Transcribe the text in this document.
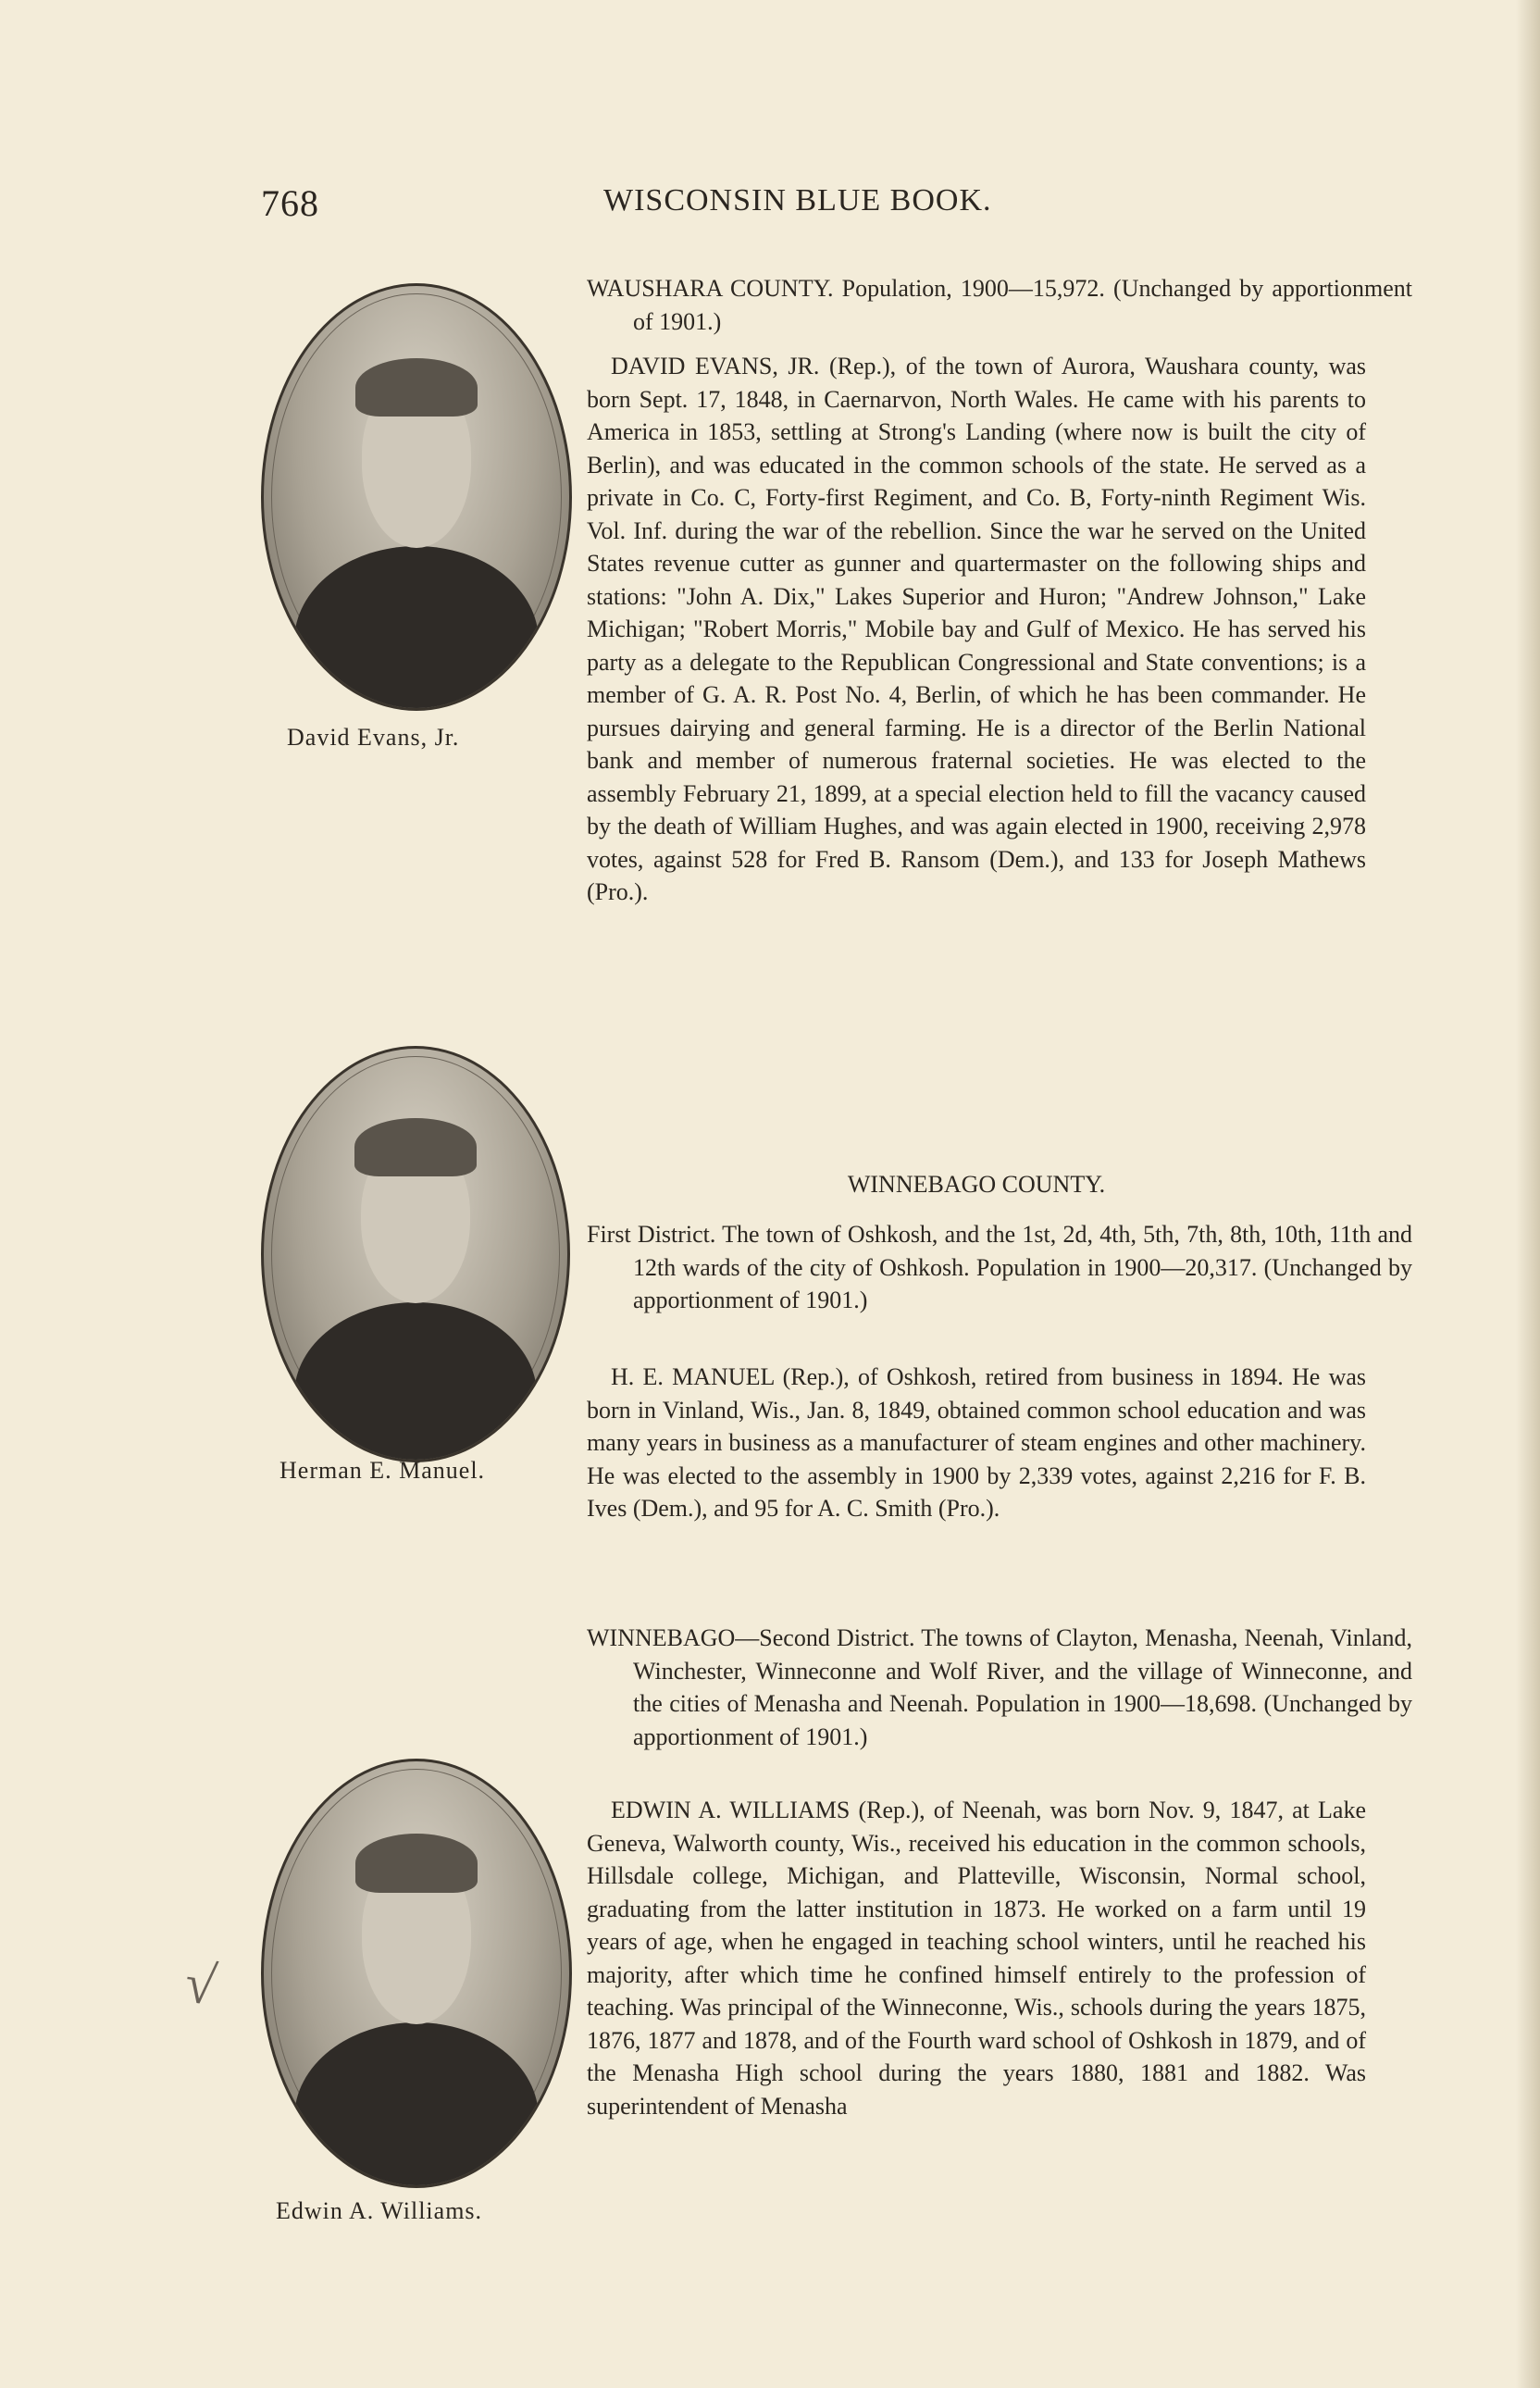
768	WISCONSIN BLUE BOOK.
David Evans, Jr.
Herman E. Manuel.
Edwin A. Williams.
√
WAUSHARA COUNTY. Population, 1900—15,972. (Unchanged by apportionment of 1901.)
DAVID EVANS, JR. (Rep.), of the town of Aurora, Waushara county, was born Sept. 17, 1848, in Caernarvon, North Wales. He came with his parents to America in 1853, settling at Strong's Landing (where now is built the city of Berlin), and was educated in the common schools of the state. He served as a private in Co. C, Forty-first Regiment, and Co. B, Forty-ninth Regiment Wis. Vol. Inf. during the war of the rebellion. Since the war he served on the United States revenue cutter as gunner and quartermaster on the following ships and stations: "John A. Dix," Lakes Superior and Huron; "Andrew Johnson," Lake Michigan; "Robert Morris," Mobile bay and Gulf of Mexico. He has served his party as a delegate to the Republican Congressional and State conventions; is a member of G. A. R. Post No. 4, Berlin, of which he has been commander. He pursues dairying and general farming. He is a director of the Berlin National bank and member of numerous fraternal societies. He was elected to the assembly February 21, 1899, at a special election held to fill the vacancy caused by the death of William Hughes, and was again elected in 1900, receiving 2,978 votes, against 528 for Fred B. Ransom (Dem.), and 133 for Joseph Mathews (Pro.).
WINNEBAGO COUNTY.
First District. The town of Oshkosh, and the 1st, 2d, 4th, 5th, 7th, 8th, 10th, 11th and 12th wards of the city of Oshkosh. Population in 1900—20,317. (Unchanged by apportionment of 1901.)
H. E. MANUEL (Rep.), of Oshkosh, retired from business in 1894. He was born in Vinland, Wis., Jan. 8, 1849, obtained common school education and was many years in business as a manufacturer of steam engines and other machinery. He was elected to the assembly in 1900 by 2,339 votes, against 2,216 for F. B. Ives (Dem.), and 95 for A. C. Smith (Pro.).
WINNEBAGO—Second District. The towns of Clayton, Menasha, Neenah, Vinland, Winchester, Winneconne and Wolf River, and the village of Winneconne, and the cities of Menasha and Neenah. Population in 1900—18,698. (Unchanged by apportionment of 1901.)
EDWIN A. WILLIAMS (Rep.), of Neenah, was born Nov. 9, 1847, at Lake Geneva, Walworth county, Wis., received his education in the common schools, Hillsdale college, Michigan, and Platteville, Wisconsin, Normal school, graduating from the latter institution in 1873. He worked on a farm until 19 years of age, when he engaged in teaching school winters, until he reached his majority, after which time he confined himself entirely to the profession of teaching. Was principal of the Winneconne, Wis., schools during the years 1875, 1876, 1877 and 1878, and of the Fourth ward school of Oshkosh in 1879, and of the Menasha High school during the years 1880, 1881 and 1882. Was superintendent of Menasha
